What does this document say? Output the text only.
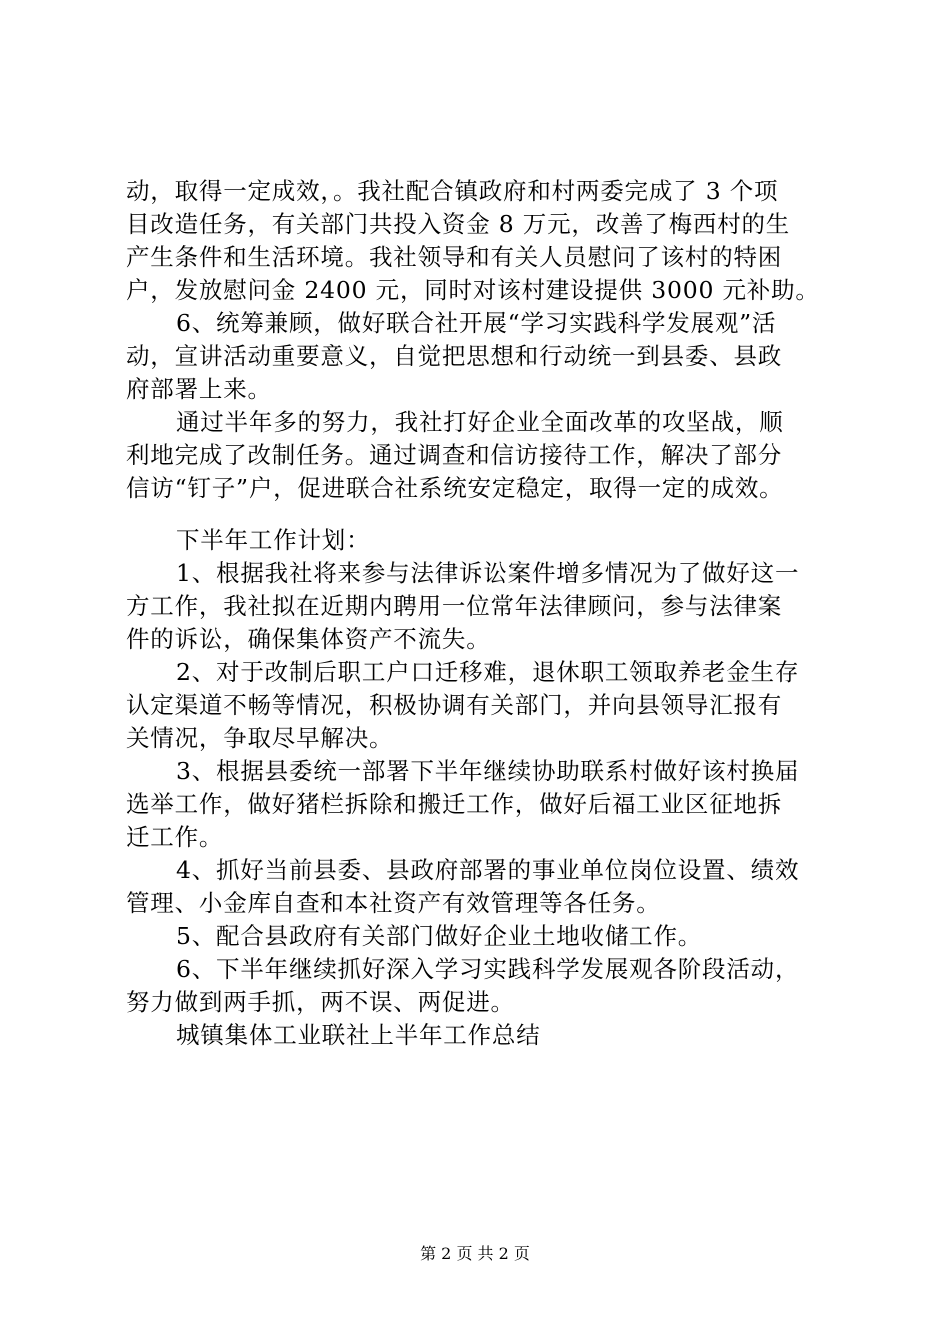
动，取得一定成效，。我社配合镇政府和村两委完成了 3 个项
目改造任务，有关部门共投入资金 8 万元，改善了梅西村的生
产生条件和生活环境。我社领导和有关人员慰问了该村的特困
户，发放慰问金 2400 元，同时对该村建设提供 3000 元补助。
6、统筹兼顾，做好联合社开展“学习实践科学发展观”活
动，宣讲活动重要意义，自觉把思想和行动统一到县委、县政
府部署上来。
通过半年多的努力，我社打好企业全面改革的攻坚战，顺
利地完成了改制任务。通过调查和信访接待工作，解决了部分
信访“钉子”户，促进联合社系统安定稳定，取得一定的成效。
下半年工作计划：
1、根据我社将来参与法律诉讼案件增多情况为了做好这一
方工作，我社拟在近期内聘用一位常年法律顾问，参与法律案
件的诉讼，确保集体资产不流失。
2、对于改制后职工户口迁移难，退休职工领取养老金生存
认定渠道不畅等情况，积极协调有关部门，并向县领导汇报有
关情况，争取尽早解决。
3、根据县委统一部署下半年继续协助联系村做好该村换届
选举工作，做好猪栏拆除和搬迁工作，做好后福工业区征地拆
迁工作。
4、抓好当前县委、县政府部署的事业单位岗位设置、绩效
管理、小金库自查和本社资产有效管理等各任务。
5、配合县政府有关部门做好企业土地收储工作。
6、下半年继续抓好深入学习实践科学发展观各阶段活动，
努力做到两手抓，两不误、两促进。
城镇集体工业联社上半年工作总结
第 2 页 共 2 页
